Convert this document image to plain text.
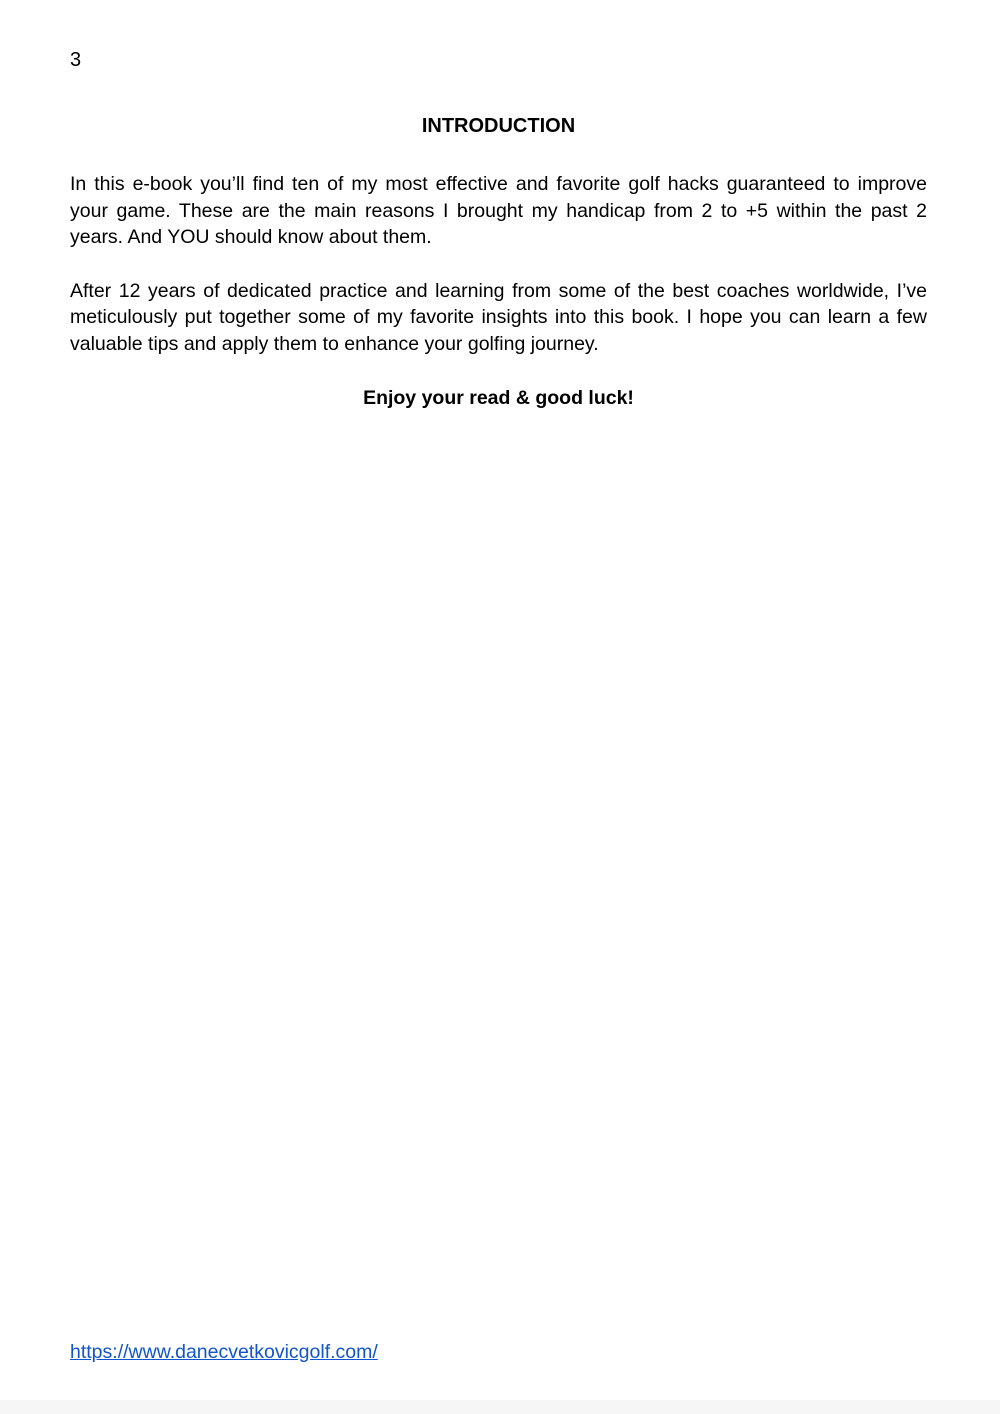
3
INTRODUCTION

In this e-book you’ll find ten of my most effective and favorite golf hacks guaranteed to improve your game. These are the main reasons I brought my handicap from 2 to +5 within the past 2 years. And YOU should know about them.

After 12 years of dedicated practice and learning from some of the best coaches worldwide, I’ve meticulously put together some of my favorite insights into this book. I hope you can learn a few valuable tips and apply them to enhance your golfing journey.

Enjoy your read & good luck!

https://www.danecvetkovicgolf.com/
